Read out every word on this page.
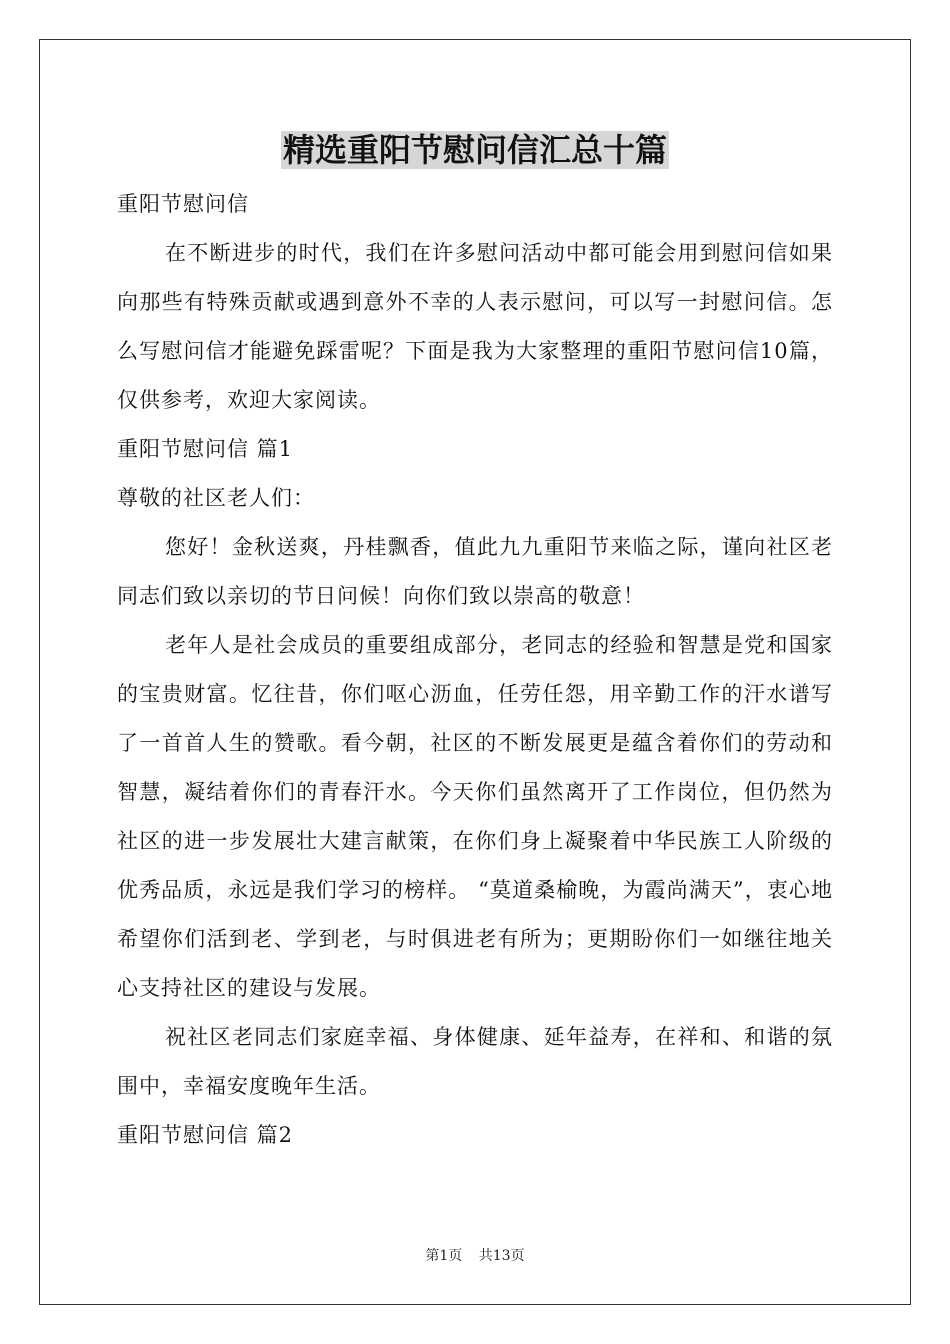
精选重阳节慰问信汇总十篇

重阳节慰问信

在不断进步的时代，我们在许多慰问活动中都可能会用到慰问信如果向那些有特殊贡献或遇到意外不幸的人表示慰问，可以写一封慰问信。怎么写慰问信才能避免踩雷呢？下面是我为大家整理的重阳节慰问信10篇，仅供参考，欢迎大家阅读。

重阳节慰问信 篇1

尊敬的社区老人们：

您好！金秋送爽，丹桂飘香，值此九九重阳节来临之际，谨向社区老同志们致以亲切的节日问候！向你们致以崇高的敬意！

老年人是社会成员的重要组成部分，老同志的经验和智慧是党和国家的宝贵财富。忆往昔，你们呕心沥血，任劳任怨，用辛勤工作的汗水谱写了一首首人生的赞歌。看今朝，社区的不断发展更是蕴含着你们的劳动和智慧，凝结着你们的青春汗水。今天你们虽然离开了工作岗位，但仍然为社区的进一步发展壮大建言献策，在你们身上凝聚着中华民族工人阶级的优秀品质，永远是我们学习的榜样。 “莫道桑榆晚，为霞尚满天”，衷心地希望你们活到老、学到老，与时俱进老有所为；更期盼你们一如继往地关心支持社区的建设与发展。

祝社区老同志们家庭幸福、身体健康、延年益寿，在祥和、和谐的氛围中，幸福安度晚年生活。

重阳节慰问信 篇2

第1页 共13页
